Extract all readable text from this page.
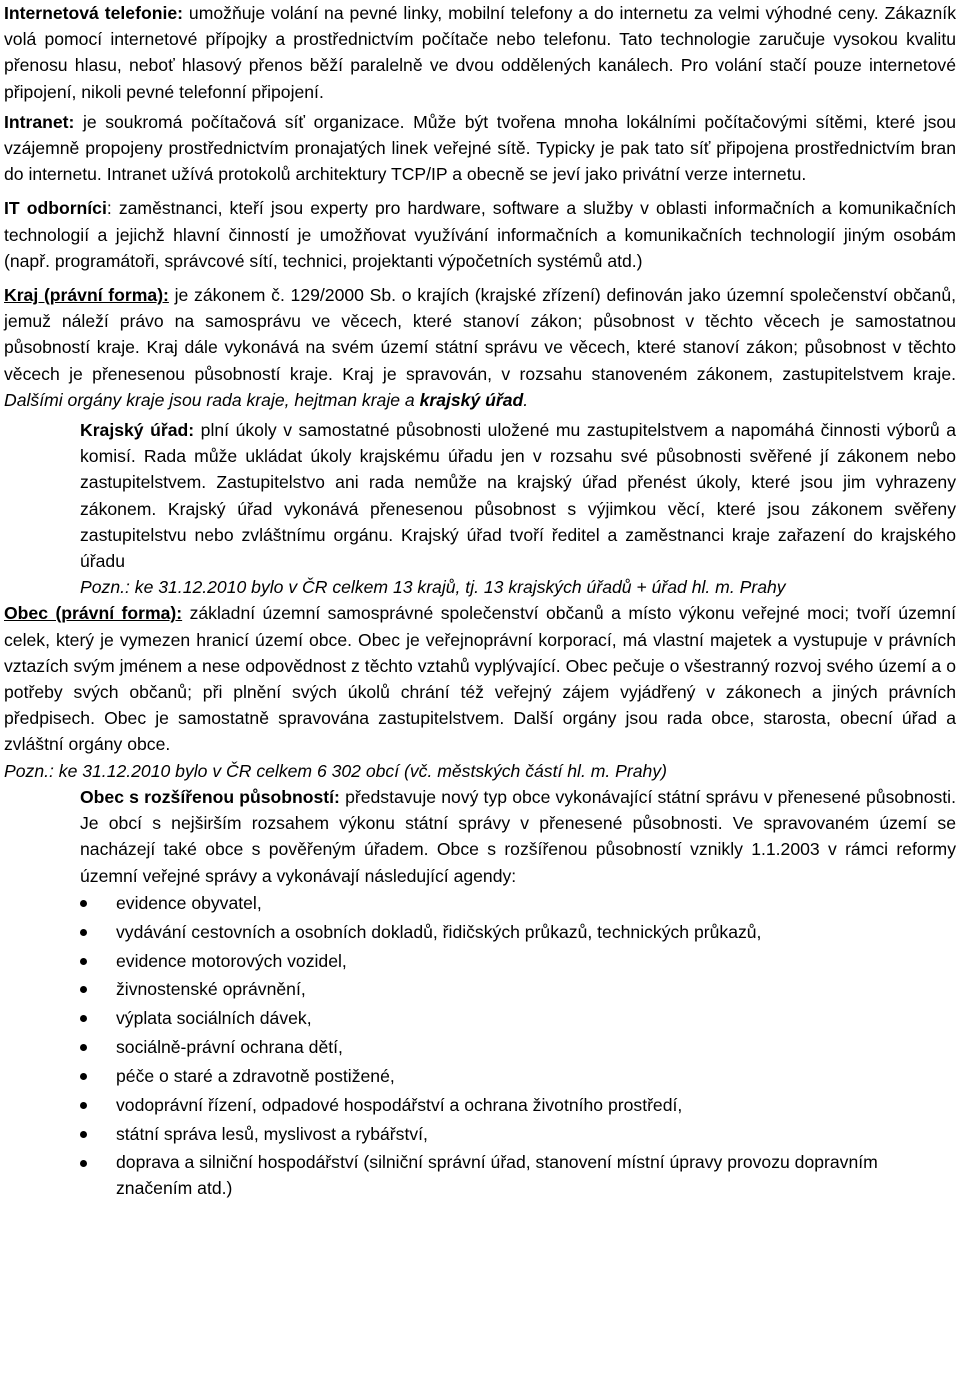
Internetová telefonie: umožňuje volání na pevné linky, mobilní telefony a do internetu za velmi výhodné ceny. Zákazník volá pomocí internetové přípojky a prostřednictvím počítače nebo telefonu. Tato technologie zaručuje vysokou kvalitu přenosu hlasu, neboť hlasový přenos běží paralelně ve dvou oddělených kanálech. Pro volání stačí pouze internetové připojení, nikoli pevné telefonní připojení.

Intranet: je soukromá počítačová síť organizace. Může být tvořena mnoha lokálními počítačovými sítěmi, které jsou vzájemně propojeny prostřednictvím pronajatých linek veřejné sítě. Typicky je pak tato síť připojena prostřednictvím bran do internetu. Intranet užívá protokolů architektury TCP/IP a obecně se jeví jako privátní verze internetu.

IT odborníci: zaměstnanci, kteří jsou experty pro hardware, software a služby v oblasti informačních a komunikačních technologií a jejichž hlavní činností je umožňovat využívání informačních a komunikačních technologií jiným osobám (např. programátoři, správcové sítí, technici, projektanti výpočetních systémů atd.)

Kraj (právní forma): je zákonem č. 129/2000 Sb. o krajích (krajské zřízení) definován jako územní společenství občanů, jemuž náleží právo na samosprávu ve věcech, které stanoví zákon; působnost v těchto věcech je samostatnou působností kraje. Kraj dále vykonává na svém území státní správu ve věcech, které stanoví zákon; působnost v těchto věcech je přenesenou působností kraje. Kraj je spravován, v rozsahu stanoveném zákonem, zastupitelstvem kraje. Dalšími orgány kraje jsou rada kraje, hejtman kraje a krajský úřad.

Krajský úřad: plní úkoly v samostatné působnosti uložené mu zastupitelstvem a napomáhá činnosti výborů a komisí. Rada může ukládat úkoly krajskému úřadu jen v rozsahu své působnosti svěřené jí zákonem nebo zastupitelstvem. Zastupitelstvo ani rada nemůže na krajský úřad přenést úkoly, které jsou jim vyhrazeny zákonem. Krajský úřad vykonává přenesenou působnost s výjimkou věcí, které jsou zákonem svěřeny zastupitelstvu nebo zvláštnímu orgánu. Krajský úřad tvoří ředitel a zaměstnanci kraje zařazení do krajského úřadu

Pozn.: ke 31.12.2010 bylo v ČR celkem 13 krajů, tj. 13 krajských úřadů + úřad hl. m. Prahy

Obec (právní forma): základní územní samosprávné společenství občanů a místo výkonu veřejné moci; tvoří územní celek, který je vymezen hranicí území obce. Obec je veřejnoprávní korporací, má vlastní majetek a vystupuje v právních vztazích svým jménem a nese odpovědnost z těchto vztahů vyplývající. Obec pečuje o všestranný rozvoj svého území a o potřeby svých občanů; při plnění svých úkolů chrání též veřejný zájem vyjádřený v zákonech a jiných právních předpisech. Obec je samostatně spravována zastupitelstvem. Další orgány jsou rada obce, starosta, obecní úřad a zvláštní orgány obce.

Pozn.: ke 31.12.2010 bylo v ČR celkem 6 302 obcí (vč. městských částí hl. m. Prahy)

Obec s rozšířenou působností: představuje nový typ obce vykonávající státní správu v přenesené působnosti. Je obcí s nejširším rozsahem výkonu státní správy v přenesené působnosti. Ve spravovaném území se nacházejí také obce s pověřeným úřadem. Obce s rozšířenou působností vznikly 1.1.2003 v rámci reformy územní veřejné správy a vykonávají následující agendy:

evidence obyvatel,
vydávání cestovních a osobních dokladů, řidičských průkazů, technických průkazů,
evidence motorových vozidel,
živnostenské oprávnění,
výplata sociálních dávek,
sociálně-právní ochrana dětí,
péče o staré a zdravotně postižené,
vodoprávní řízení, odpadové hospodářství a ochrana životního prostředí,
státní správa lesů, myslivost a rybářství,
doprava a silniční hospodářství (silniční správní úřad, stanovení místní úpravy provozu dopravním značením atd.)
